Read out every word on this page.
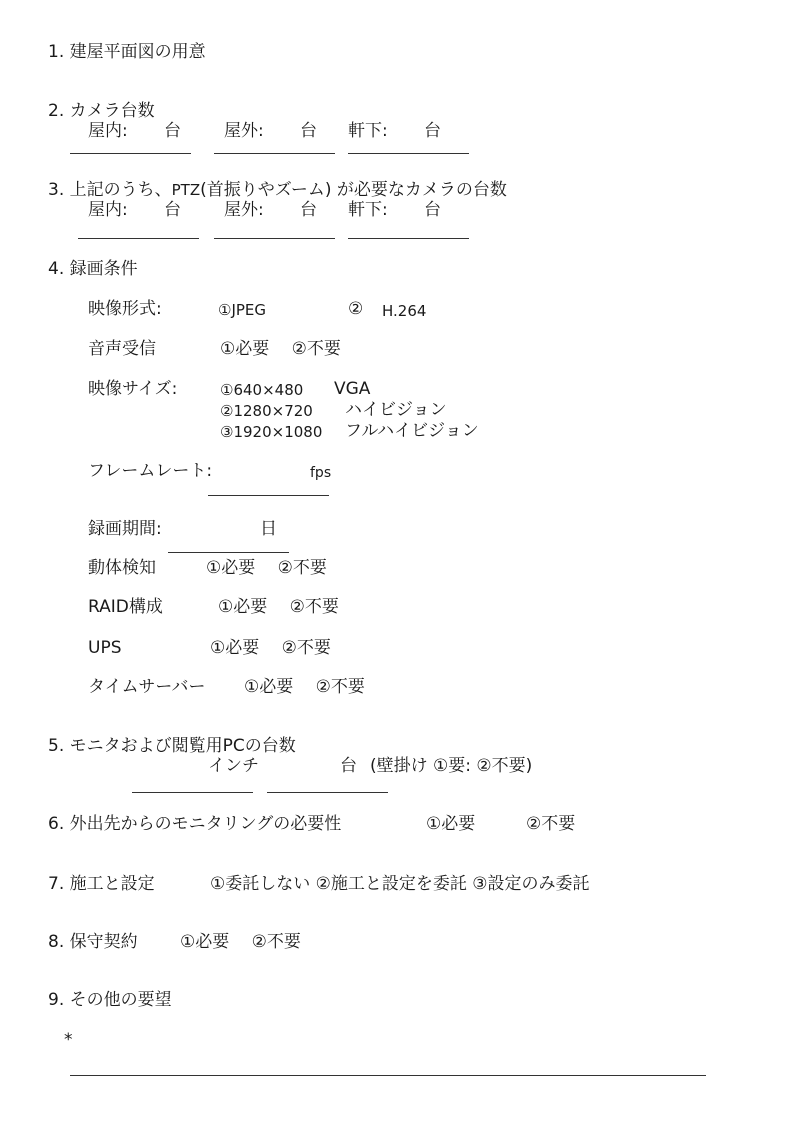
1. 建屋平面図の用意
2. カメラ台数
屋内: 台	屋外: 台 軒下: 台
3. 上記のうち、PTZ(首振りやズーム) が必要なカメラの台数
屋内: 台	屋外: 台 軒下: 台
4. 録画条件
映像形式:	①JPEG	② H.264
音声受信	①必要　 ②不要
映像サイズ:	①640×480 VGA
②1280×720 ハイビジョン
③1920×1080 フルハイビジョン
フレームレート:	fps
録画期間:	日
動体検知	①必要　 ②不要
RAID構成	①必要　 ②不要
UPS	①必要　 ②不要
タイムサーバー ①必要　 ②不要
5. モニタおよび閲覧用PCの台数
インチ	台 (壁掛け ①要: ②不要)
6. 外出先からのモニタリングの必要性	①必要	②不要
7. 施工と設定	①委託しない ②施工と設定を委託 ③設定のみ委託
8. 保守契約 ①必要　 ②不要
9. その他の要望
*
